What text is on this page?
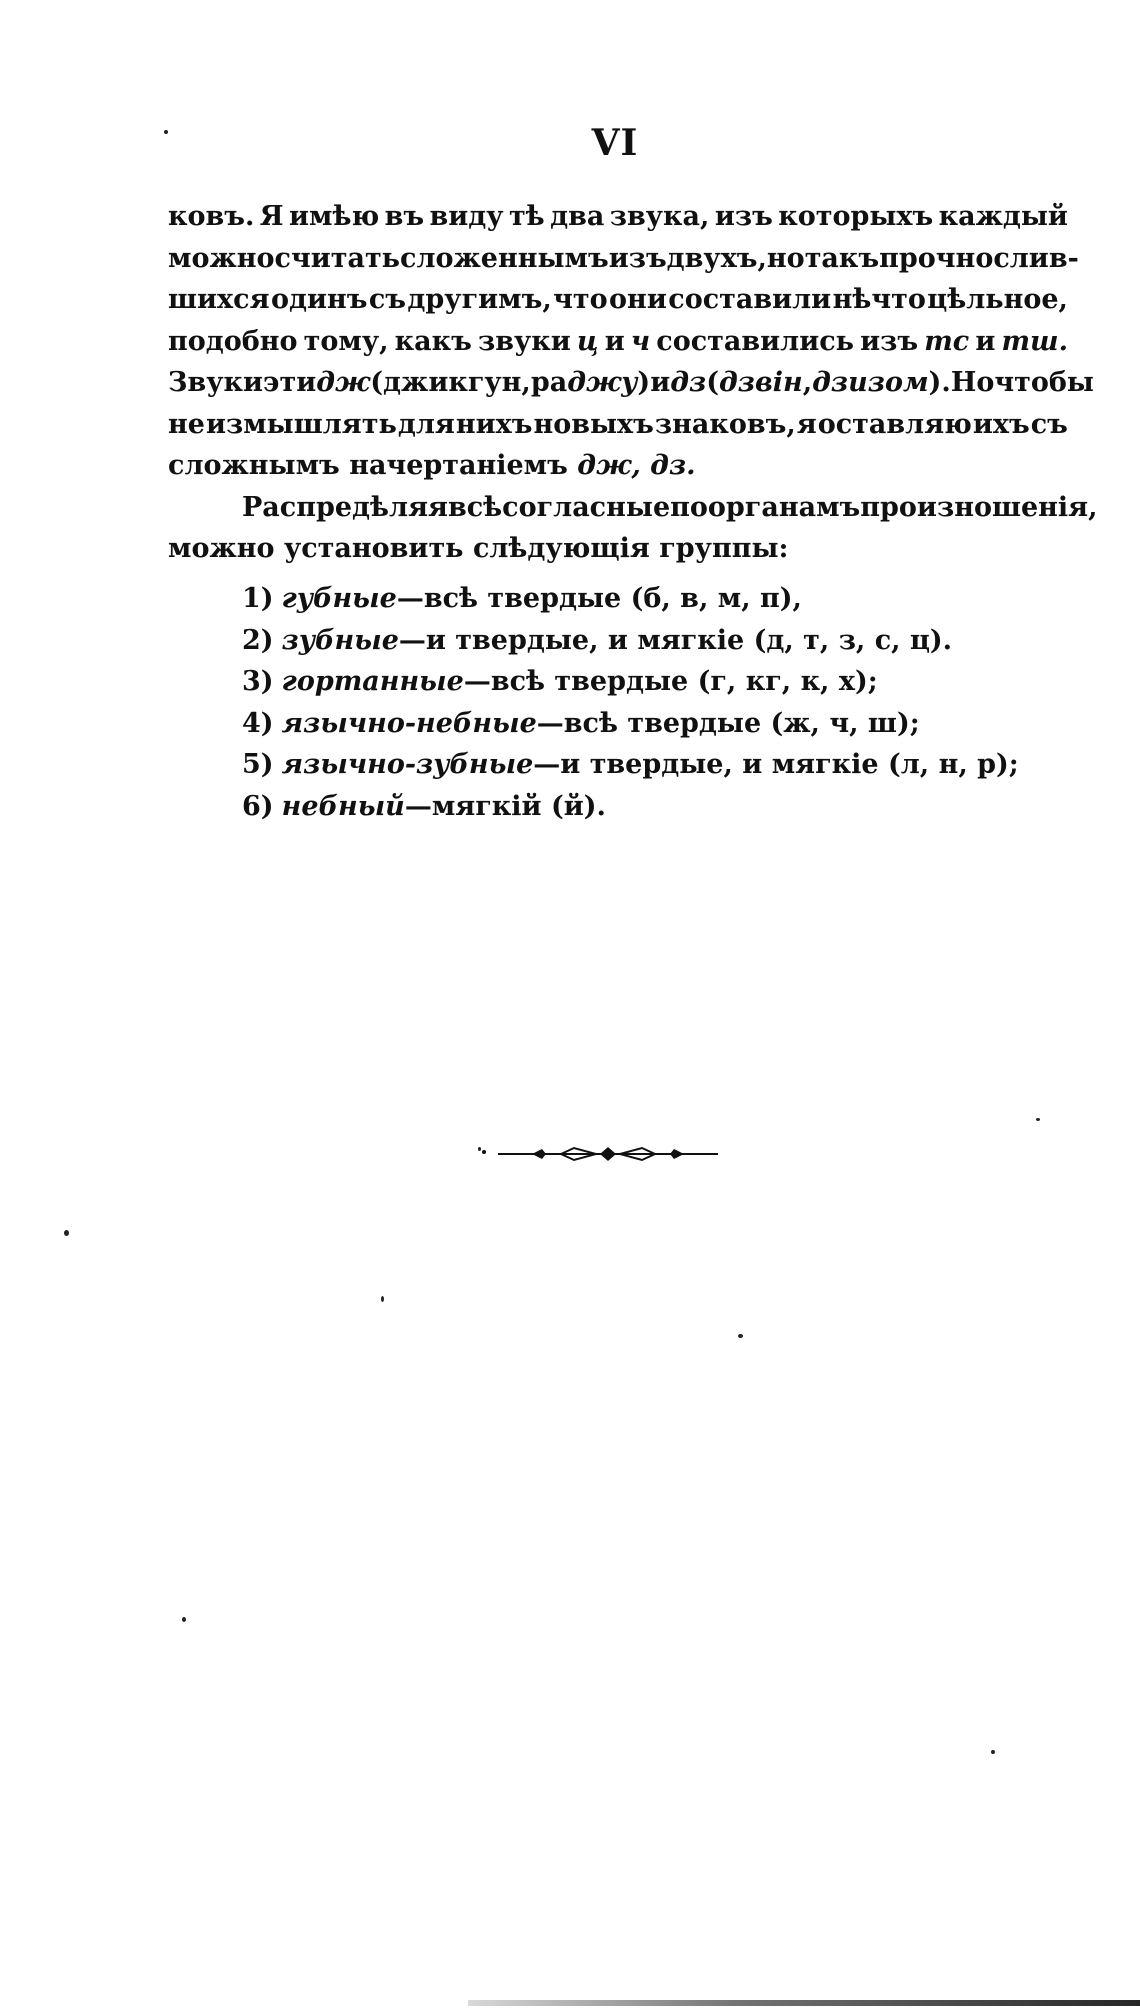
VI
ковъ. Я имѣю въ виду тѣ два звука, изъ которыхъ каждый
можно считать сложеннымъ изъ двухъ, но такъ прочно слив-
шихся одинъ съ другимъ, что они составили нѣчто цѣльное,
подобно тому, какъ звуки ц и ч составились изъ тс и тш.
Звуки эти дж (джикгун, раджу) и дз (дзвiн, дзизом). Но чтобы
не измышлять для нихъ новыхъ знаковъ, я оставляю ихъ съ
сложнымъ начертанiемъ дж, дз.
Распредѣляя всѣ согласные по органамъ произношенiя,
можно установить слѣдующiя группы:
1) губные—всѣ твердые (б, в, м, п),
2) зубные—и твердые, и мягкiе (д, т, з, с, ц).
3) гортанные—всѣ твердые (г, кг, к, х);
4) язычно-небные—всѣ твердые (ж, ч, ш);
5) язычно-зубные—и твердые, и мягкiе (л, н, р);
6) небный—мягкiй (й).
